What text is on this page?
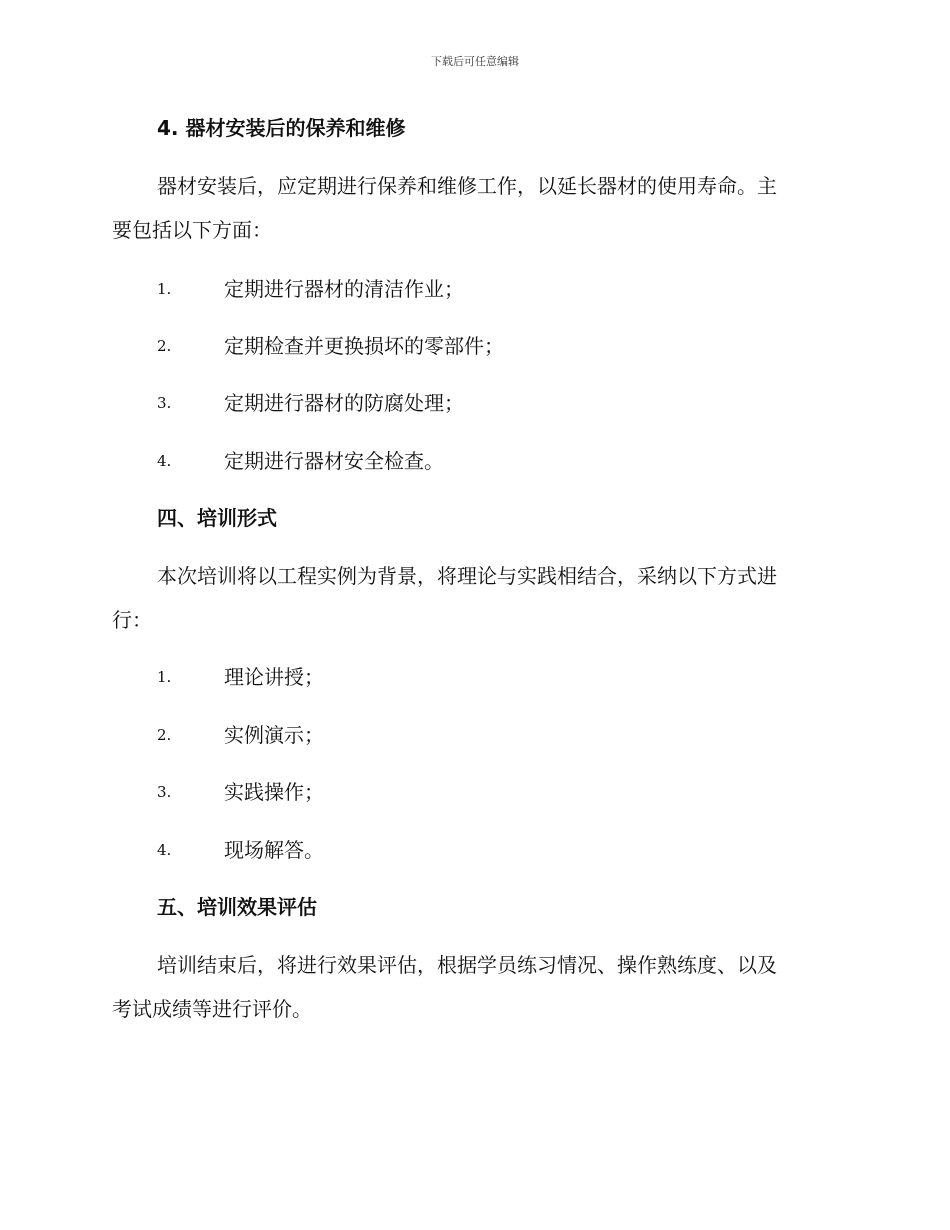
下载后可任意编辑
4. 器材安装后的保养和维修
器材安装后，应定期进行保养和维修工作，以延长器材的使用寿命。主
要包括以下方面：
1.	定期进行器材的清洁作业；
2.	定期检查并更换损坏的零部件；
3.	定期进行器材的防腐处理；
4.	定期进行器材安全检查。
四、培训形式
本次培训将以工程实例为背景，将理论与实践相结合，采纳以下方式进
行：
1.	理论讲授；
2.	实例演示；
3.	实践操作；
4.	现场解答。
五、培训效果评估
培训结束后，将进行效果评估，根据学员练习情况、操作熟练度、以及
考试成绩等进行评价。
